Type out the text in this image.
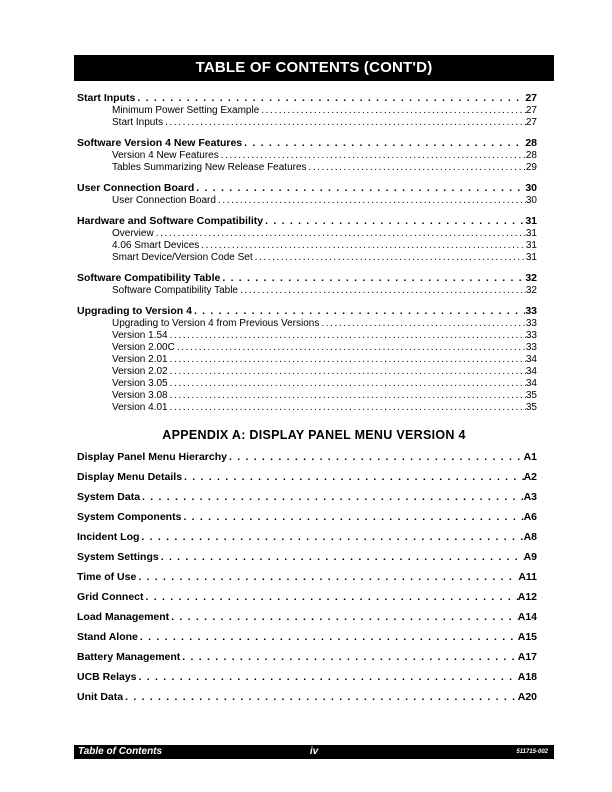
TABLE OF CONTENTS (CONT'D)
Start Inputs . . .	27
Minimum Power Setting Example .....	27
Start Inputs .....	27
Software Version 4 New Features . . .	28
Version 4 New Features .....	28
Tables Summarizing New Release Features .....	29
User Connection Board . . .	30
User Connection Board .....	30
Hardware and Software Compatibility . . .	31
Overview .....	31
4.06 Smart Devices .....	31
Smart Device/Version Code Set .....	31
Software Compatibility Table . . .	32
Software Compatibility Table .....	32
Upgrading to Version 4 . . .	33
Upgrading to Version 4 from Previous Versions .....	33
Version 1.54 .....	33
Version 2.00C .....	33
Version 2.01 .....	34
Version 2.02 .....	34
Version 3.05 .....	34
Version 3.08 .....	35
Version 4.01 .....	35
APPENDIX A: DISPLAY PANEL MENU VERSION 4
Display Panel Menu Hierarchy . . .	A1
Display Menu Details . . .	A2
System Data . . .	A3
System Components . . .	A6
Incident Log . . .	A8
System Settings . . .	A9
Time of Use . . .	A11
Grid Connect . . .	A12
Load Management . . .	A14
Stand Alone . . .	A15
Battery Management . . .	A17
UCB Relays . . .	A18
Unit Data . . .	A20
Table of Contents	iv	511715-002
